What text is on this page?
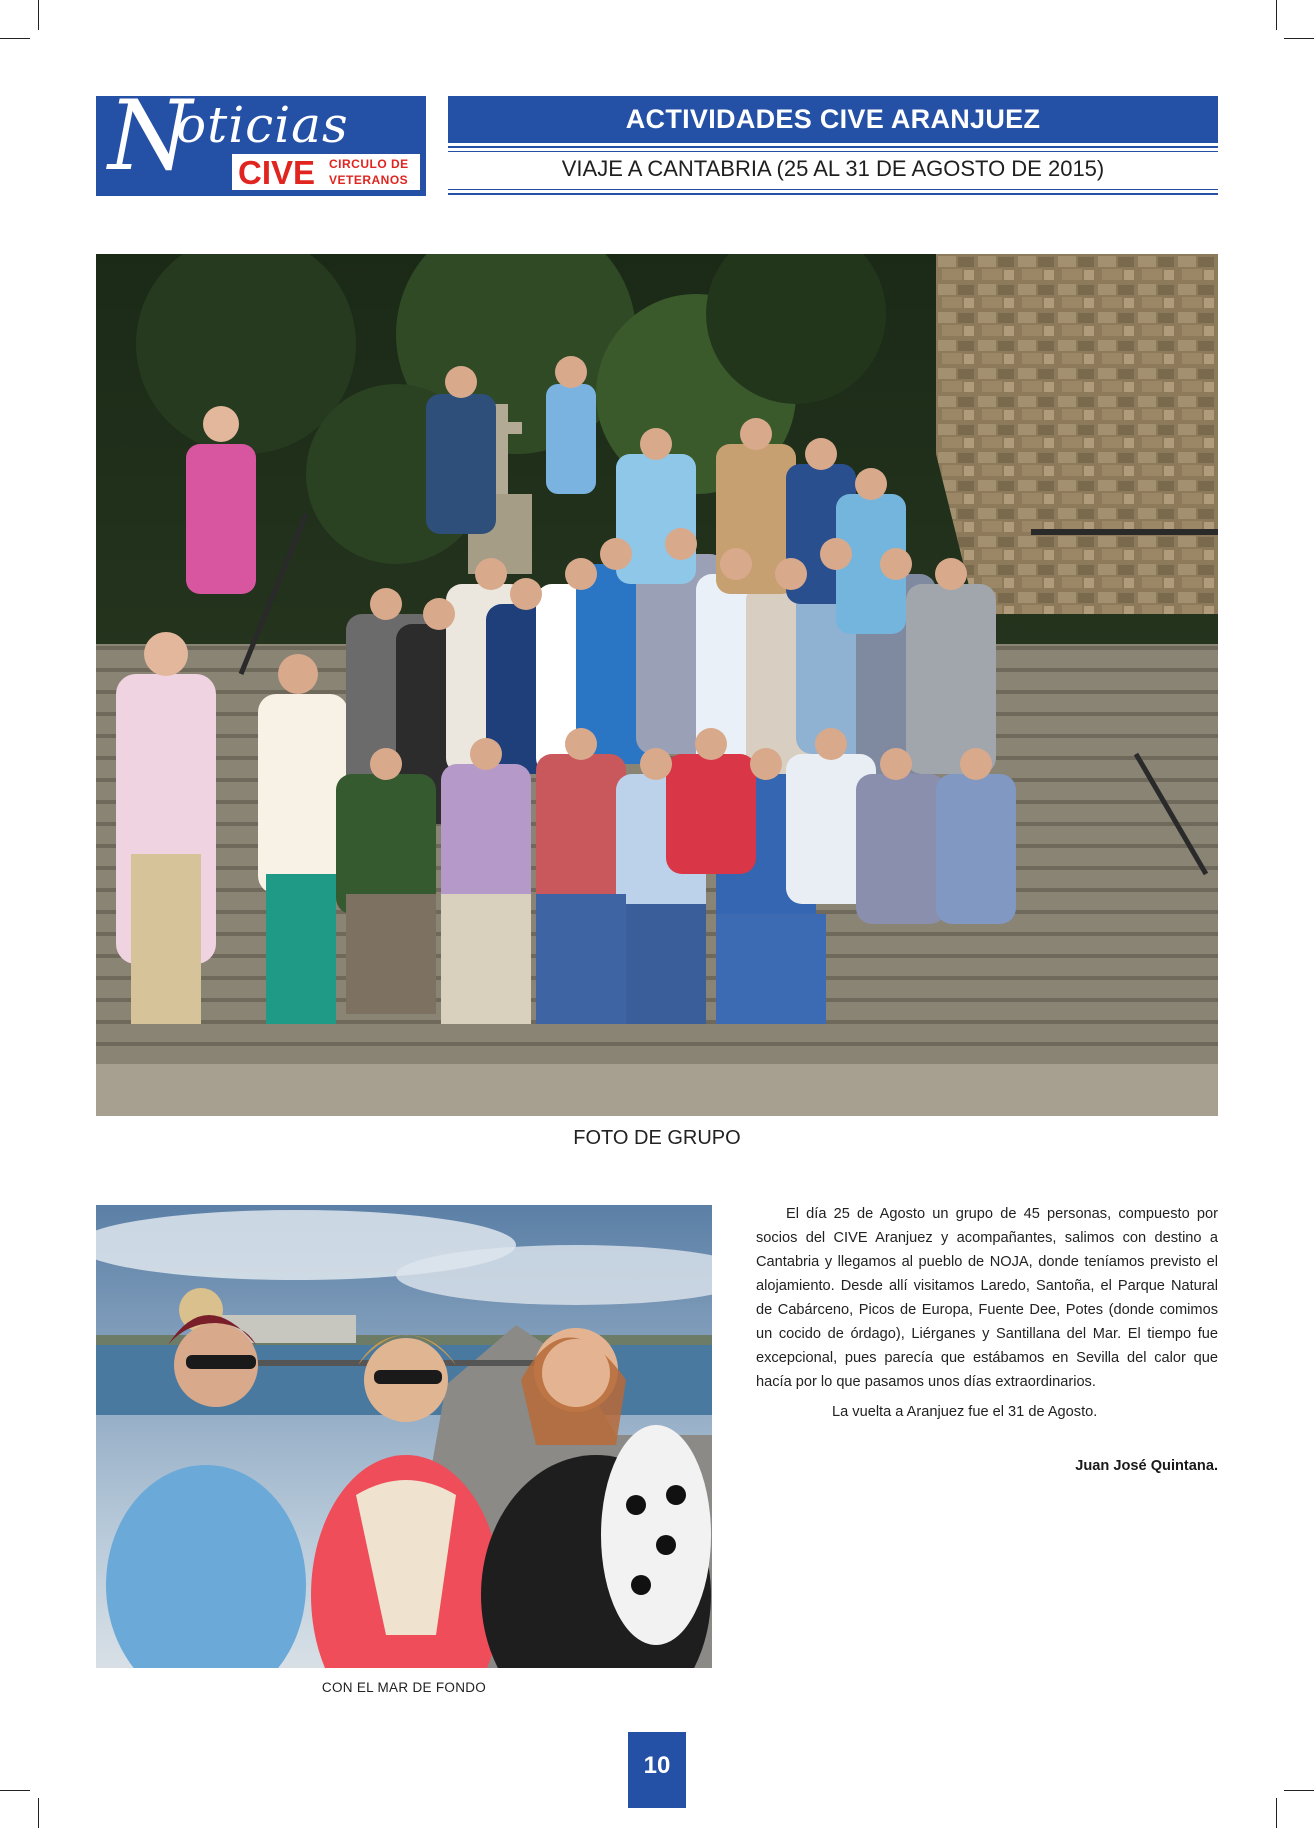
N
oticias
CIVE CIRCULO DE
VETERANOS
ACTIVIDADES CIVE ARANJUEZ
VIAJE A CANTABRIA (25 AL 31 DE AGOSTO DE 2015)
FOTO DE GRUPO
CON EL MAR DE FONDO

El día 25 de Agosto un grupo de 45 personas, compuesto por socios del CIVE Aranjuez y acompañantes, salimos con destino a Cantabria y llegamos al pueblo de NOJA, donde teníamos previsto el alojamiento. Desde allí visitamos Laredo, Santoña, el Parque Natural de Cabárceno, Picos de Europa, Fuente Dee, Potes (donde comimos un cocido de órdago), Liérganes y Santillana del Mar. El tiempo fue excepcional, pues parecía que estábamos en Sevilla del calor que hacía por lo que pasamos unos días extraordinarios.

La vuelta a Aranjuez fue el 31 de Agosto.

Juan José Quintana.
10
